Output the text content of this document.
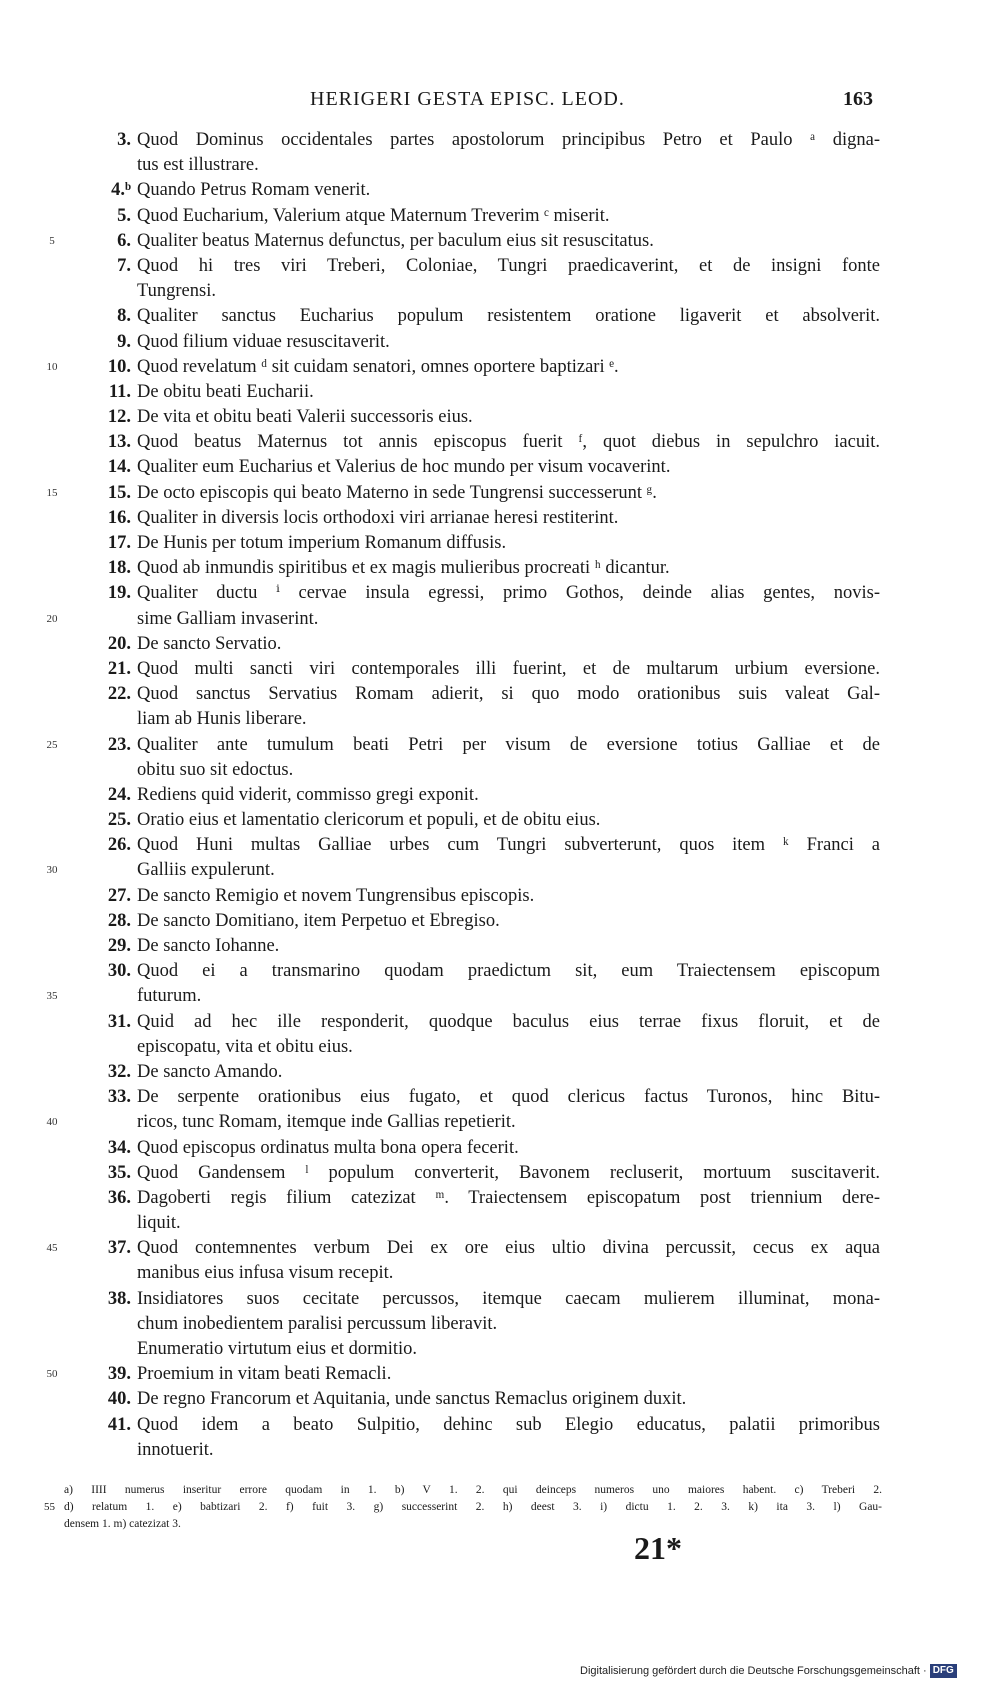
HERIGERI GESTA EPISC. LEOD.	163
3. Quod Dominus occidentales partes apostolorum principibus Petro et Paulo ᵃ digna-
tus est illustrare.
4.ᵇ Quando Petrus Romam venerit.
5. Quod Eucharium, Valerium atque Maternum Treverim ᶜ miserit.
5	6. Qualiter beatus Maternus defunctus, per baculum eius sit resuscitatus.
7. Quod hi tres viri Treberi, Coloniae, Tungri praedicaverint, et de insigni fonte
Tungrensi.
8. Qualiter sanctus Eucharius populum resistentem oratione ligaverit et absolverit.
9. Quod filium viduae resuscitaverit.
10	10. Quod revelatum ᵈ sit cuidam senatori, omnes oportere baptizari ᵉ.
11. De obitu beati Eucharii.
12. De vita et obitu beati Valerii successoris eius.
13. Quod beatus Maternus tot annis episcopus fuerit ᶠ, quot diebus in sepulchro iacuit.
14. Qualiter eum Eucharius et Valerius de hoc mundo per visum vocaverint.
15	15. De octo episcopis qui beato Materno in sede Tungrensi successerunt ᵍ.
16. Qualiter in diversis locis orthodoxi viri arrianae heresi restiterint.
17. De Hunis per totum imperium Romanum diffusis.
18. Quod ab inmundis spiritibus et ex magis mulieribus procreati ʰ dicantur.
19. Qualiter ductu ⁱ cervae insula egressi, primo Gothos, deinde alias gentes, novis-
20	sime Galliam invaserint.
20. De sancto Servatio.
21. Quod multi sancti viri contemporales illi fuerint, et de multarum urbium eversione.
22. Quod sanctus Servatius Romam adierit, si quo modo orationibus suis valeat Gal-
liam ab Hunis liberare.
25	23. Qualiter ante tumulum beati Petri per visum de eversione totius Galliae et de
obitu suo sit edoctus.
24. Rediens quid viderit, commisso gregi exponit.
25. Oratio eius et lamentatio clericorum et populi, et de obitu eius.
26. Quod Huni multas Galliae urbes cum Tungri subverterunt, quos item ᵏ Franci a
30	Galliis expulerunt.
27. De sancto Remigio et novem Tungrensibus episcopis.
28. De sancto Domitiano, item Perpetuo et Ebregiso.
29. De sancto Iohanne.
30. Quod ei a transmarino quodam praedictum sit, eum Traiectensem episcopum
35	futurum.
31. Quid ad hec ille responderit, quodque baculus eius terrae fixus floruit, et de
episcopatu, vita et obitu eius.
32. De sancto Amando.
33. De serpente orationibus eius fugato, et quod clericus factus Turonos, hinc Bitu-
40	ricos, tunc Romam, itemque inde Gallias repetierit.
34. Quod episcopus ordinatus multa bona opera fecerit.
35. Quod Gandensem ˡ populum converterit, Bavonem recluserit, mortuum suscitaverit.
36. Dagoberti regis filium catezizat ᵐ. Traiectensem episcopatum post triennium dere-
liquit.
45	37. Quod contemnentes verbum Dei ex ore eius ultio divina percussit, cecus ex aqua
manibus eius infusa visum recepit.
38. Insidiatores suos cecitate percussos, itemque caecam mulierem illuminat, mona-
chum inobedientem paralisi percussum liberavit.
Enumeratio virtutum eius et dormitio.
50	39. Proemium in vitam beati Remacli.
40. De regno Francorum et Aquitania, unde sanctus Remaclus originem duxit.
41. Quod idem a beato Sulpitio, dehinc sub Elegio educatus, palatii primoribus
innotuerit.
a) IIII numerus inseritur errore quodam in 1. b) V 1. 2. qui deinceps numeros uno maiores habent. c) Treberi 2.
55 d) relatum 1. e) babtizari 2. f) fuit 3. g) successerint 2. h) deest 3. i) dictu 1. 2. 3. k) ita 3. l) Gau-
densem 1. m) catezizat 3.
21*
Digitalisierung gefördert durch die Deutsche Forschungsgemeinschaft · DFG
